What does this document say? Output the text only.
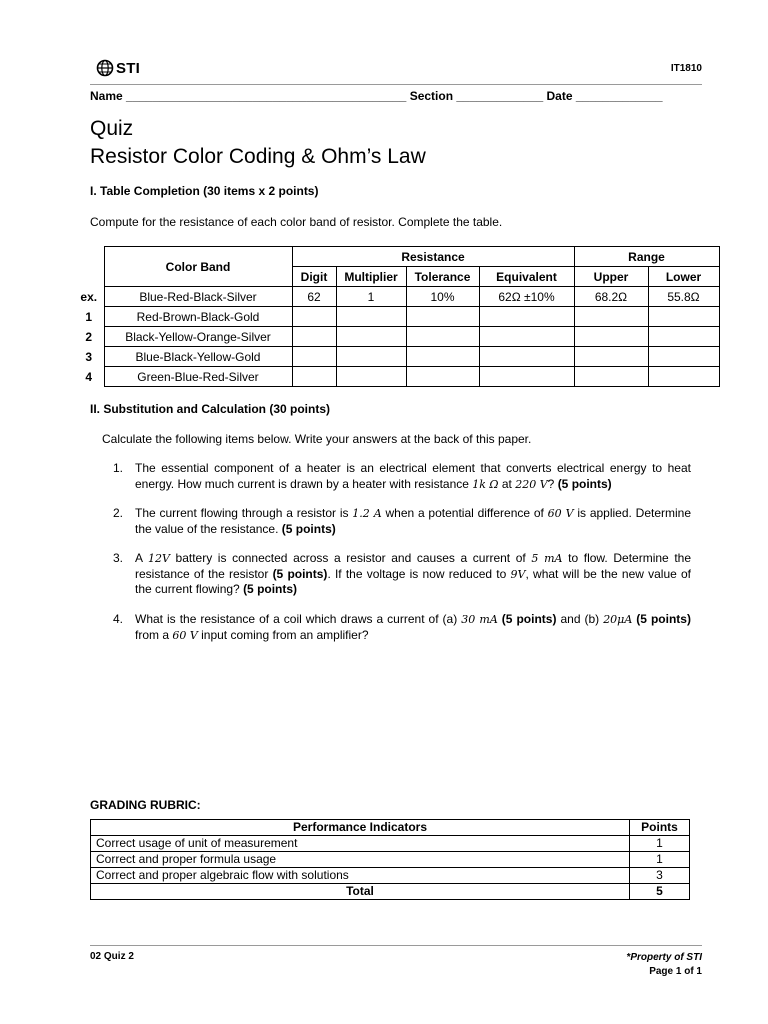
STI	IT1810
Name __________________________________________ Section _____________ Date _____________
Quiz
Resistor Color Coding & Ohm’s Law
I. Table Completion (30 items x 2 points)
Compute for the resistance of each color band of resistor. Complete the table.
	Color Band	Resistance				Range	
		Digit	Multiplier	Tolerance	Equivalent	Upper	Lower
ex.	Blue-Red-Black-Silver	62	1	10%	62Ω ±10%	68.2Ω	55.8Ω
1	Red-Brown-Black-Gold						
2	Black-Yellow-Orange-Silver						
3	Blue-Black-Yellow-Gold						
4	Green-Blue-Red-Silver						
II. Substitution and Calculation (30 points)
Calculate the following items below. Write your answers at the back of this paper.
1. The essential component of a heater is an electrical element that converts electrical energy to heat energy. How much current is drawn by a heater with resistance 1k Ω at 220 V? (5 points)
2. The current flowing through a resistor is 1.2 A when a potential difference of 60 V is applied. Determine the value of the resistance. (5 points)
3. A 12V battery is connected across a resistor and causes a current of 5 mA to flow. Determine the resistance of the resistor (5 points). If the voltage is now reduced to 9V, what will be the new value of the current flowing? (5 points)
4. What is the resistance of a coil which draws a current of (a) 30 mA (5 points) and (b) 20μA (5 points) from a 60 V input coming from an amplifier?
GRADING RUBRIC:
Performance Indicators	Points
Correct usage of unit of measurement	1
Correct and proper formula usage	1
Correct and proper algebraic flow with solutions	3
Total	5
02 Quiz 2	*Property of STI
Page 1 of 1
